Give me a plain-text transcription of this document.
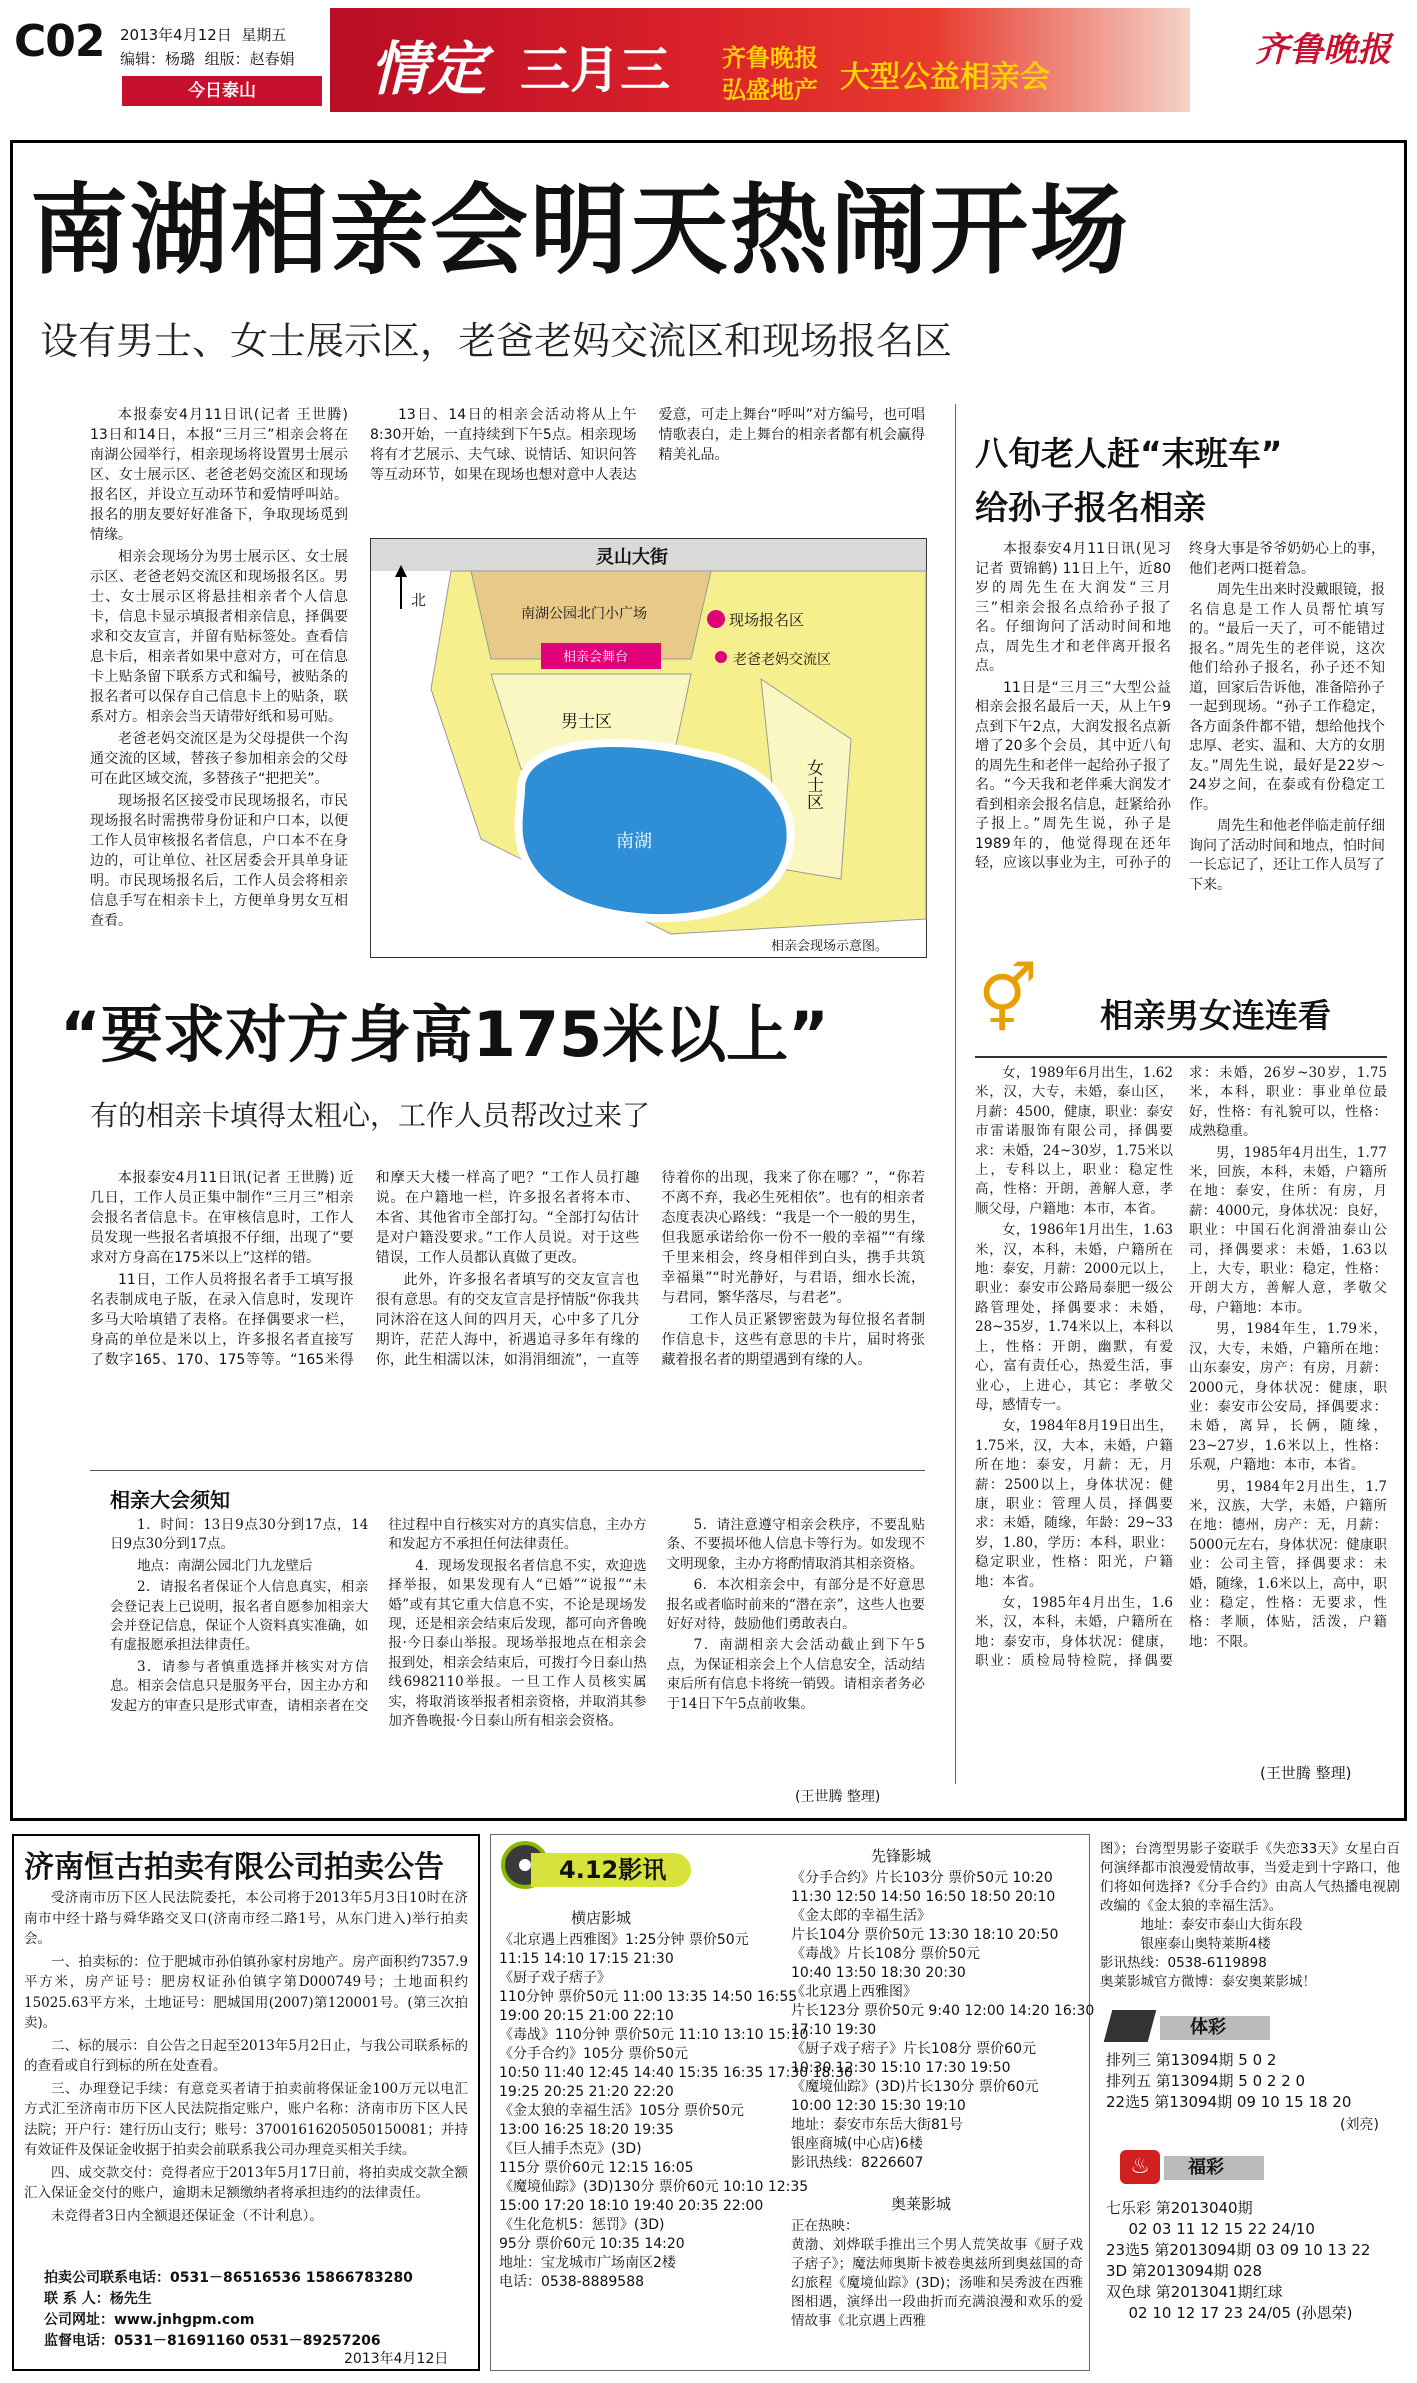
C02 2013年4月12日 星期五
编辑：杨璐 组版：赵春娟
今日泰山	情定 三月三 齐鲁晚报
弘盛地产 大型公益相亲会
齐鲁晚报
南湖相亲会明天热闹开场
设有男士、女士展示区，老爸老妈交流区和现场报名区

本报泰安4月11日讯(记者 王世腾) 13日和14日，本报“三月三”相亲会将在南湖公园举行，相亲现场将设置男士展示区、女士展示区、老爸老妈交流区和现场报名区，并设立互动环节和爱情呼叫站。报名的朋友要好好准备下，争取现场觅到情缘。

相亲会现场分为男士展示区、女士展示区、老爸老妈交流区和现场报名区。男士、女士展示区将悬挂相亲者个人信息卡，信息卡显示填报者相亲信息，择偶要求和交友宣言，并留有贴标签处。查看信息卡后，相亲者如果中意对方，可在信息卡上贴条留下联系方式和编号，被贴条的报名者可以保存自己信息卡上的贴条，联系对方。相亲会当天请带好纸和易可贴。

老爸老妈交流区是为父母提供一个沟通交流的区域，替孩子参加相亲会的父母可在此区域交流，多替孩子“把把关”。

现场报名区接受市民现场报名，市民现场报名时需携带身份证和户口本，以便工作人员审核报名者信息，户口本不在身边的，可让单位、社区居委会开具单身证明。市民现场报名后，工作人员会将相亲信息手写在相亲卡上，方便单身男女互相查看。

13日、14日的相亲会活动将从上午8:30开始，一直持续到下午5点。相亲现场将有才艺展示、夫气球、说情话、知识问答等互动环节，如果在现场也想对意中人表达爱意，可走上舞台“呼叫”对方编号，也可唱情歌表白，走上舞台的相亲者都有机会赢得精美礼品。

灵山大街
北
南湖公园北门小广场
相亲会舞台
现场报名区
老爸老妈交流区
男士区
女士区
南湖
相亲会现场示意图。
八旬老人赶“末班车”
给孙子报名相亲

本报泰安4月11日讯(见习记者 贾锦鹤) 11日上午，近80岁的周先生在大润发“三月三”相亲会报名点给孙子报了名。仔细询问了活动时间和地点，周先生才和老伴离开报名点。

11日是“三月三”大型公益相亲会报名最后一天，从上午9点到下午2点，大润发报名点新增了20多个会员，其中近八旬的周先生和老伴一起给孙子报了名。“今天我和老伴乘大润发才看到相亲会报名信息，赶紧给孙子报上。”周先生说，孙子是1989年的，他觉得现在还年轻，应该以事业为主，可孙子的终身大事是爷爷奶奶心上的事，他们老两口挺着急。

周先生出来时没戴眼镜，报名信息是工作人员帮忙填写的。“最后一天了，可不能错过报名。”周先生的老伴说，这次他们给孙子报名，孙子还不知道，回家后告诉他，准备陪孙子一起到现场。“孙子工作稳定，各方面条件都不错，想给他找个忠厚、老实、温和、大方的女朋友。”周先生说，最好是22岁～24岁之间，在泰或有份稳定工作。

周先生和他老伴临走前仔细询问了活动时间和地点，怕时间一长忘记了，还让工作人员写了下来。

⚥ 相亲男女连连看

女，1989年6月出生，1.62米，汉，大专，未婚，泰山区，月薪：4500，健康，职业：泰安市雷诺服饰有限公司，择偶要求：未婚，24~30岁，1.75米以上，专科以上，职业：稳定性高，性格：开朗，善解人意，孝顺父母，户籍地：本市，本省。

女，1986年1月出生，1.63米，汉，本科，未婚，户籍所在地：泰安，月薪：2000元以上，职业：泰安市公路局泰肥一级公路管理处，择偶要求：未婚，28~35岁，1.74米以上，本科以上，性格：开朗，幽默，有爱心，富有责任心，热爱生活，事业心，上进心，其它：孝敬父母，感情专一。

女，1984年8月19日出生，1.75米，汉，大本，未婚，户籍所在地：泰安，月薪：无，月薪：2500以上，身体状况：健康，职业：管理人员，择偶要求：未婚，随缘，年龄：29~33岁，1.80，学历：本科，职业：稳定职业，性格：阳光，户籍地：本省。

女，1985年4月出生，1.6米，汉，本科，未婚，户籍所在地：泰安市，身体状况：健康，职业：质检局特检院，择偶要求：未婚，26岁~30岁，1.75米，本科，职业：事业单位最好，性格：有礼貌可以，性格：成熟稳重。

男，1985年4月出生，1.77米，回族，本科，未婚，户籍所在地：泰安，住所：有房，月薪：4000元，身体状况：良好，职业：中国石化润滑油泰山公司，择偶要求：未婚，1.63以上，大专，职业：稳定，性格：开朗大方，善解人意，孝敬父母，户籍地：本市。

男，1984年生，1.79米，汉，大专，未婚，户籍所在地：山东泰安，房产：有房，月薪：2000元，身体状况：健康，职业：泰安市公安局，择偶要求：未婚，离异，长俩，随缘，23~27岁，1.6米以上，性格：乐观，户籍地：本市，本省。

男，1984年2月出生，1.7米，汉族，大学，未婚，户籍所在地：德州，房产：无，月薪：5000元左右，身体状况：健康职业：公司主管，择偶要求：未婚，随缘，1.6米以上，高中，职业：稳定，性格：无要求，性格：孝顺，体贴，活泼，户籍地：不限。

(王世腾 整理)
“要求对方身高175米以上”
有的相亲卡填得太粗心，工作人员帮改过来了

本报泰安4月11日讯(记者 王世腾) 近几日，工作人员正集中制作“三月三”相亲会报名者信息卡。在审核信息时，工作人员发现一些报名者填报不仔细，出现了“要求对方身高在175米以上”这样的错。

11日，工作人员将报名者手工填写报名表制成电子版，在录入信息时，发现许多马大哈填错了表格。在择偶要求一栏，身高的单位是米以上，许多报名者直接写了数字165、170、175等等。“165米得和摩天大楼一样高了吧？”工作人员打趣说。在户籍地一栏，许多报名者将本市、本省、其他省市全部打勾。“全部打勾估计是对户籍没要求。”工作人员说。对于这些错误，工作人员都认真做了更改。

此外，许多报名者填写的交友宣言也很有意思。有的交友宣言是抒情版“你我共同沐浴在这人间的四月天，心中多了几分期许，茫茫人海中，祈遇追寻多年有缘的你，此生相濡以沫，如涓涓细流”，一直等待着你的出现，我来了你在哪？”，“你若不离不弃，我必生死相依”。也有的相亲者态度表决心路线：“我是一个一般的男生，但我愿承诺给你一份不一般的幸福”“有缘千里来相会，终身相伴到白头，携手共筑幸福巢”“时光静好，与君语，细水长流，与君同，繁华落尽，与君老”。

工作人员正紧锣密鼓为每位报名者制作信息卡，这些有意思的卡片，届时将张藏着报名者的期望遇到有缘的人。

相亲大会须知

1．时间：13日9点30分到17点，14日9点30分到17点。

地点：南湖公园北门九龙壁后

2．请报名者保证个人信息真实，相亲会登记表上已说明，报名者自愿参加相亲大会并登记信息，保证个人资料真实准确，如有虚报愿承担法律责任。

3．请参与者慎重选择并核实对方信息。相亲会信息只是服务平台，因主办方和发起方的审查只是形式审查，请相亲者在交往过程中自行核实对方的真实信息，主办方和发起方不承担任何法律责任。

4．现场发现报名者信息不实，欢迎选择举报，如果发现有人“已婚”“说报”“未婚”或有其它重大信息不实，不论是现场发现，还是相亲会结束后发现，都可向齐鲁晚报·今日泰山举报。现场举报地点在相亲会报到处，相亲会结束后，可拨打今日泰山热线6982110举报。一旦工作人员核实属实，将取消该举报者相亲资格，并取消其参加齐鲁晚报·今日泰山所有相亲会资格。

5．请注意遵守相亲会秩序，不要乱贴条、不要损坏他人信息卡等行为。如发现不文明现象，主办方将酌情取消其相亲资格。

6．本次相亲会中，有部分是不好意思报名或者临时前来的“潜在亲”，这些人也要好好对待，鼓励他们勇敢表白。

7．南湖相亲大会活动截止到下午5点，为保证相亲会上个人信息安全，活动结束后所有信息卡将统一销毁。请相亲者务必于14日下午5点前收集。

(王世腾 整理)
济南恒古拍卖有限公司拍卖公告

受济南市历下区人民法院委托，本公司将于2013年5月3日10时在济南市中经十路与舜华路交叉口(济南市经二路1号，从东门进入)举行拍卖会。

一、拍卖标的：位于肥城市孙伯镇孙家村房地产。房产面积约7357.9平方米，房产证号：肥房权证孙伯镇字第D000749号；土地面积约15025.63平方米，土地证号：肥城国用(2007)第120001号。(第三次拍卖)。

二、标的展示：自公告之日起至2013年5月2日止，与我公司联系标的的查看或自行到标的所在处查看。

三、办理登记手续：有意竞买者请于拍卖前将保证金100万元以电汇方式汇至济南市历下区人民法院指定账户，账户名称：济南市历下区人民法院；开户行：建行历山支行；账号：37001616205050150081；并持有效证件及保证金收据于拍卖会前联系我公司办理竞买相关手续。

四、成交款交付：竞得者应于2013年5月17日前，将拍卖成交款全额汇入保证金交付的账户，逾期未足额缴纳者将承担违约的法律责任。

未竞得者3日内全额退还保证金（不计利息）。

拍卖公司联系电话：0531－86516536 15866783280
联 系 人：杨先生
公司网址：www.jnhgpm.com
监督电话：0531－81691160 0531－89257206
2013年4月12日
4.12影讯
横店影城
《北京遇上西雅图》1:25分钟 票价50元
11:15 14:10 17:15 21:30
《厨子戏子痞子》
110分钟 票价50元 11:00 13:35 14:50 16:55
19:00 20:15 21:00 22:10
《毒战》110分钟 票价50元 11:10 13:10 15:10
《分手合约》105分 票价50元
10:50 11:40 12:45 14:40 15:35 16:35 17:30 18:30
19:25 20:25 21:20 22:20
《金太狼的幸福生活》105分 票价50元
13:00 16:25 18:20 19:35
《巨人捕手杰克》(3D)
115分 票价60元 12:15 16:05
《魔境仙踪》(3D)130分 票价60元 10:10 12:35
15:00 17:20 18:10 19:40 20:35 22:00
《生化危机5：惩罚》(3D)
95分 票价60元 10:35 14:20
地址：宝龙城市广场南区2楼
电话：0538-8889588
先锋影城
《分手合约》片长103分 票价50元 10:20 11:30 12:50 14:50 16:50 18:50 20:10
《金太郎的幸福生活》
片长104分 票价50元 13:30 18:10 20:50
《毒战》片长108分 票价50元
10:40 13:50 18:30 20:30
《北京遇上西雅图》
片长123分 票价50元 9:40 12:00 14:20 16:30
17:10 19:30
《厨子戏子痞子》片长108分 票价60元
10:30 12:30 15:10 17:30 19:50
《魔境仙踪》(3D)片长130分 票价60元
10:00 12:30 15:30 19:10
地址：泰安市东岳大街81号
银座商城(中心店)6楼
影讯热线：8226607
奥莱影城
正在热映：
黄渤、刘烨联手推出三个男人荒笑故事《厨子戏子痞子》；魔法师奥斯卡被卷奥兹所到奥兹国的奇幻旅程《魔境仙踪》(3D)；汤唯和吴秀波在西雅图相遇，演绎出一段曲折而充满浪漫和欢乐的爱情故事《北京遇上西雅
图》；台湾型男影子姿联手《失恋33天》女星白百何演绎都市浪漫爱情故事，当爱走到十字路口，他们将如何选择?《分手合约》由高人气热播电视剧改编的《金太狼的幸福生活》。
地址：泰安市泰山大街东段
银座泰山奥特莱斯4楼
影讯热线：0538-6119898
奥莱影城官方微博：泰安奥莱影城！
体彩
排列三 第13094期 5 0 2
排列五 第13094期 5 0 2 2 0
22选5 第13094期 09 10 15 18 20
(刘亮)
♨	福彩
七乐彩 第2013040期
02 03 11 12 15 22 24/10
23选5 第2013094期 03 09 10 13 22
3D 第2013094期 028
双色球 第2013041期红球
02 10 12 17 23 24/05 (孙恩荣)
